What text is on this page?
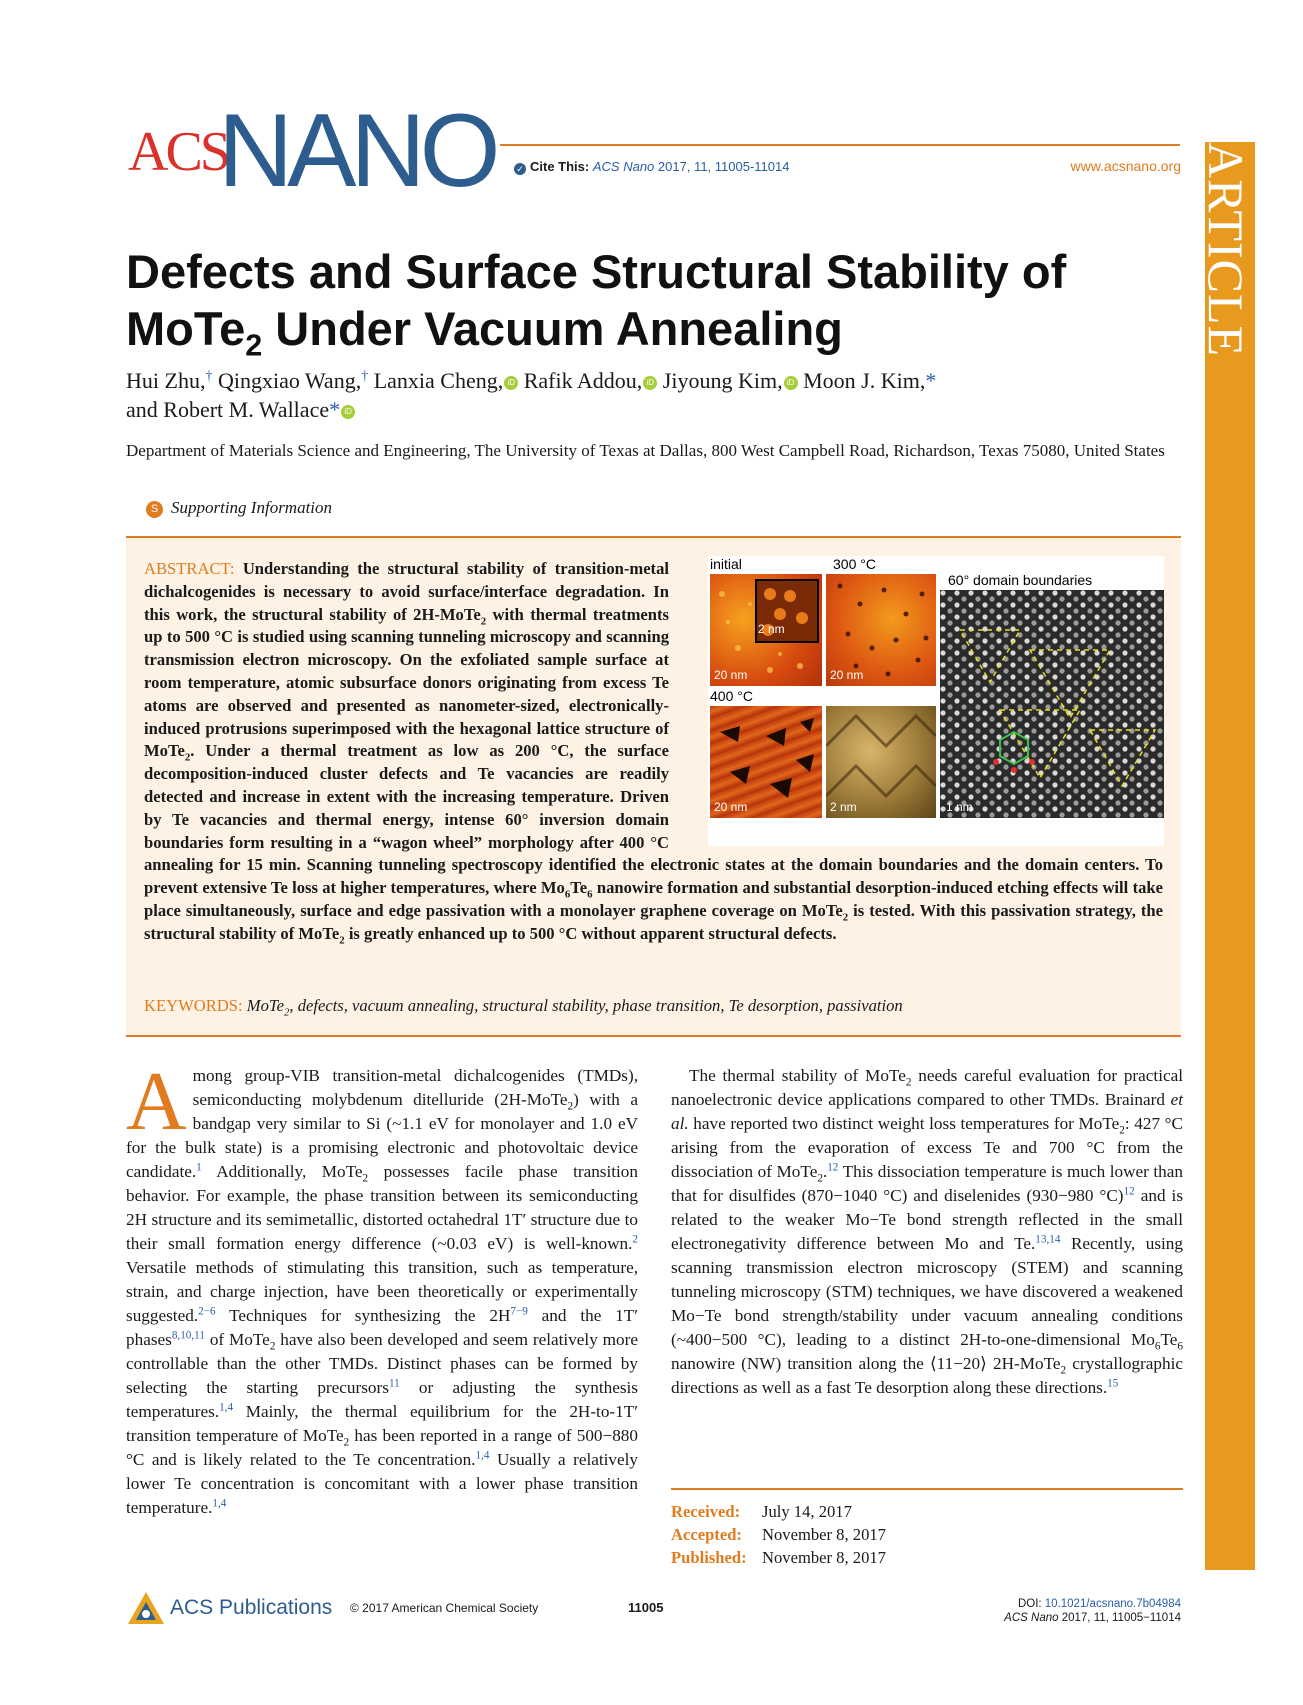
ACS
NANO ✓ Cite This: ACS Nano 2017, 11, 11005-11014	www.acsnano.org ARTICLE
Defects and Surface Structural Stability of
MoTe$_2$ Under Vacuum Annealing
Hui Zhu,† Qingxiao Wang,† Lanxia Cheng, iD Rafik Addou, iD Jiyoung Kim, iD Moon J. Kim,*
and Robert M. Wallace* iD
Department of Materials Science and Engineering, The University of Texas at Dallas, 800 West Campbell Road, Richardson, Texas 75080, United States
S Supporting Information
ABSTRACT: Understanding the structural stability of transition-metal dichalcogenides is necessary to avoid surface/interface degradation. In this work, the structural stability of 2H-MoTe$_2$ with thermal treatments up to 500 °C is studied using scanning tunneling microscopy and scanning transmission electron microscopy. On the exfoliated sample surface at room temperature, atomic subsurface donors originating from excess Te atoms are observed and presented as nanometer-sized, electronically-induced protrusions superimposed with the hexagonal lattice structure of MoTe$_2$. Under a thermal treatment as low as 200 °C, the surface decomposition-induced cluster defects and Te vacancies are readily detected and increase in extent with the increasing temperature. Driven by Te vacancies and thermal energy, intense 60° inversion domain boundaries form resulting in a “wagon wheel” morphology after 400 °C annealing for 15 min. Scanning tunneling spectroscopy identified the electronic states at the domain boundaries and the domain centers. To prevent extensive Te loss at higher temperatures, where $Mo_6Te_6$ nanowire formation and substantial desorption-induced etching effects will take place simultaneously, surface and edge passivation with a monolayer graphene coverage on MoTe$_2$ is tested. With this passivation strategy, the structural stability of MoTe$_2$ is greatly enhanced up to 500 °C without apparent structural defects.
KEYWORDS: MoTe$_2$, defects, vacuum annealing, structural stability, phase transition, Te desorption, passivation
initial	300 °C
60° domain boundaries
2 nm
20 nm	20 nm
400 °C
20 nm	2 nm	1 nm

Among group-VIB transition-metal dichalcogenides (TMDs), semiconducting molybdenum ditelluride (2H-MoTe$_2$) with a bandgap very similar to Si (~1.1 eV for monolayer and 1.0 eV for the bulk state) is a promising electronic and photovoltaic device candidate.$^1$ Additionally, MoTe$_2$ possesses facile phase transition behavior. For example, the phase transition between its semiconducting 2H structure and its semimetallic, distorted octahedral 1T′ structure due to their small formation energy difference (~0.03 eV) is well-known.$^2$ Versatile methods of stimulating this transition, such as temperature, strain, and charge injection, have been theoretically or experimentally suggested.$^{2-6}$ Techniques for synthesizing the 2H$^{7-9}$ and the 1T′ phases$^{8,10,11}$ of MoTe$_2$ have also been developed and seem relatively more controllable than the other TMDs. Distinct phases can be formed by selecting the starting precursors$^{11}$ or adjusting the synthesis temperatures.$^{1,4}$ Mainly, the thermal equilibrium for the 2H-to-1T′ transition temperature of MoTe$_2$ has been reported in a range of 500−880 °C and is likely related to the Te concentration.$^{1,4}$ Usually a relatively lower Te concentration is concomitant with a lower phase transition temperature.$^{1,4}$

The thermal stability of MoTe$_2$ needs careful evaluation for practical nanoelectronic device applications compared to other TMDs. Brainard et al. have reported two distinct weight loss temperatures for MoTe$_2$: 427 °C arising from the evaporation of excess Te and 700 °C from the dissociation of MoTe$_2$.$^{12}$ This dissociation temperature is much lower than that for disulfides (870−1040 °C) and diselenides (930−980 °C)$^{12}$ and is related to the weaker Mo−Te bond strength reflected in the small electronegativity difference between Mo and Te.$^{13,14}$ Recently, using scanning transmission electron microscopy (STEM) and scanning tunneling microscopy (STM) techniques, we have discovered a weakened Mo−Te bond strength/stability under vacuum annealing conditions (~400−500 °C), leading to a distinct 2H-to-one-dimensional $Mo_6Te_6$ nanowire (NW) transition along the ⟨11−20⟩ 2H-MoTe$_2$ crystallographic directions as well as a fast Te desorption along these directions.$^{15}$

Received: July 14, 2017
Accepted: November 8, 2017
Published: November 8, 2017
ACS Publications © 2017 American Chemical Society	11005	DOI: 10.1021/acsnano.7b04984
ACS Nano 2017, 11, 11005−11014
